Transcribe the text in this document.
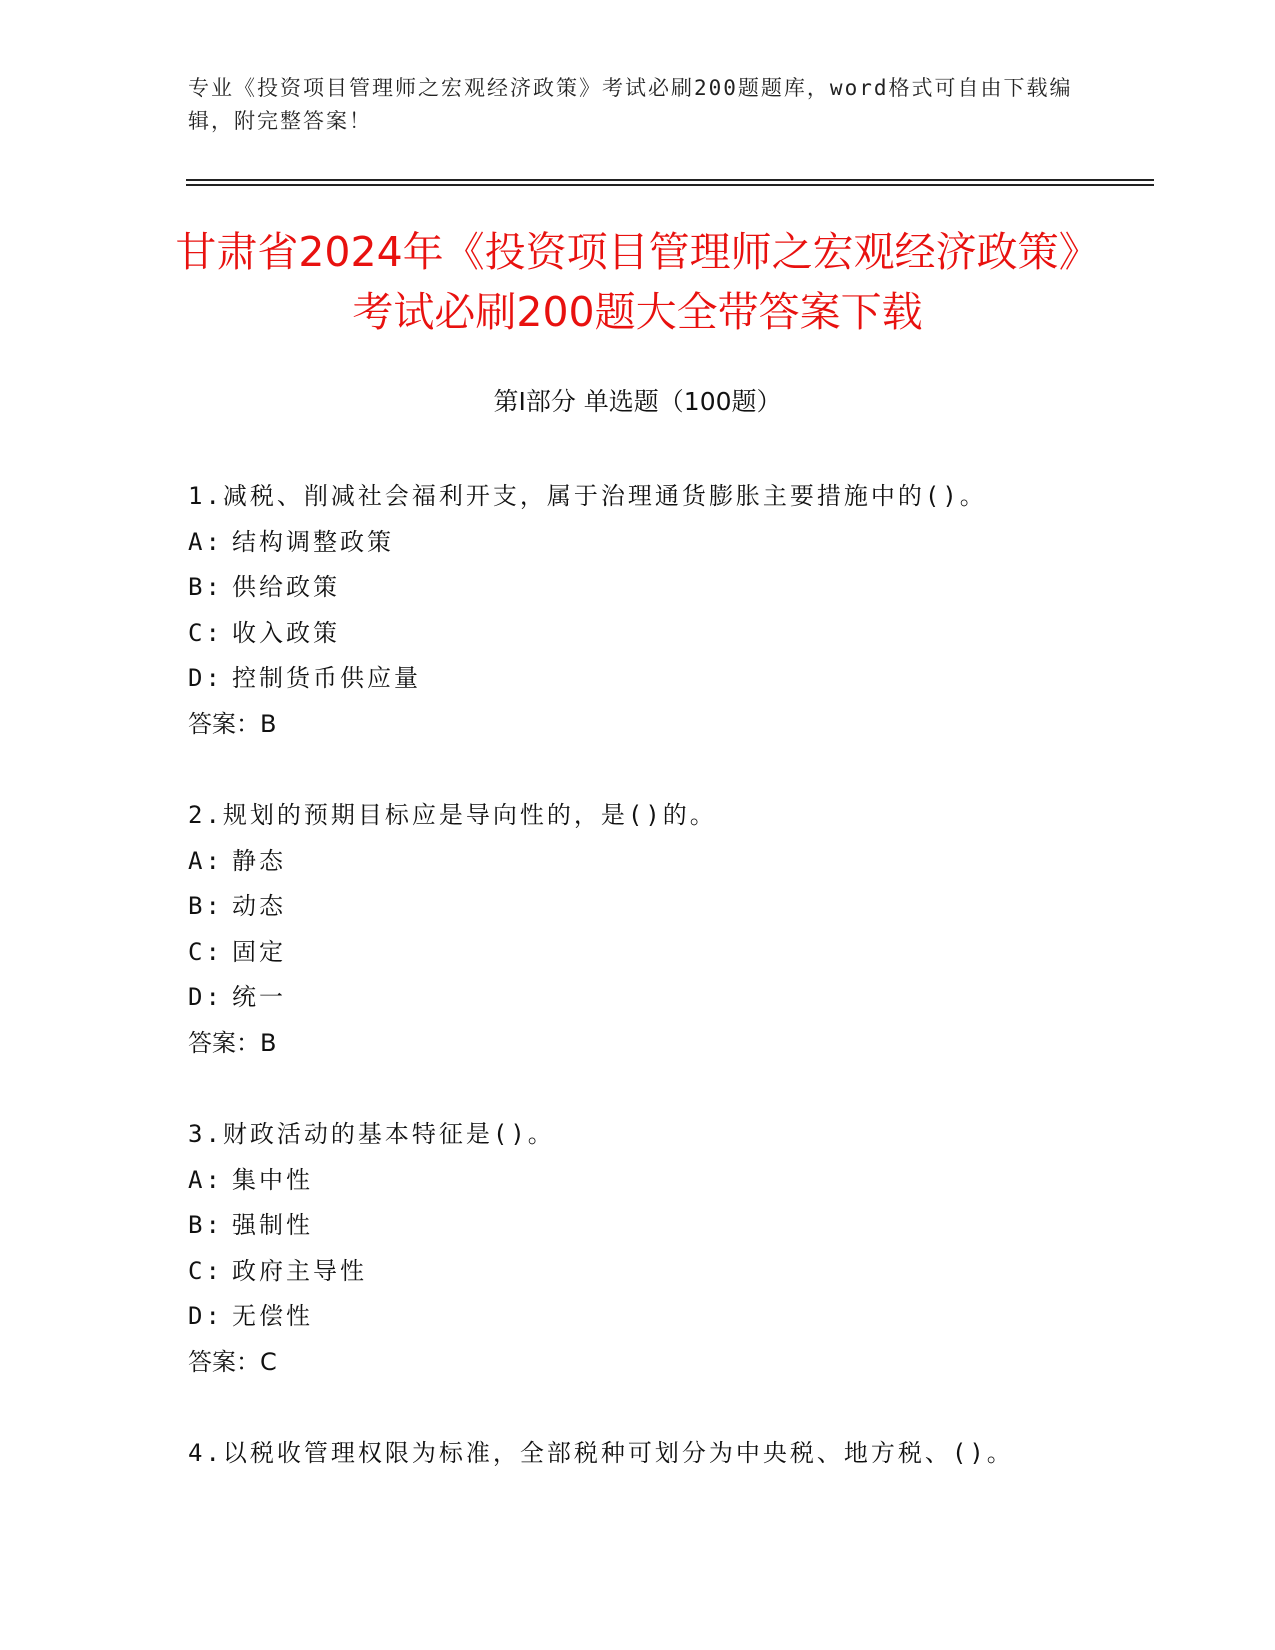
专业《投资项目管理师之宏观经济政策》考试必刷200题题库，word格式可自由下载编辑，附完整答案！
甘肃省2024年《投资项目管理师之宏观经济政策》考试必刷200题大全带答案下载
第Ⅰ部分 单选题（100题）
1.减税、削减社会福利开支，属于治理通货膨胀主要措施中的()。
A: 结构调整政策
B: 供给政策
C: 收入政策
D: 控制货币供应量
答案：B
2.规划的预期目标应是导向性的，是()的。
A: 静态
B: 动态
C: 固定
D: 统一
答案：B
3.财政活动的基本特征是()。
A: 集中性
B: 强制性
C: 政府主导性
D: 无偿性
答案：C
4.以税收管理权限为标准，全部税种可划分为中央税、地方税、()。
